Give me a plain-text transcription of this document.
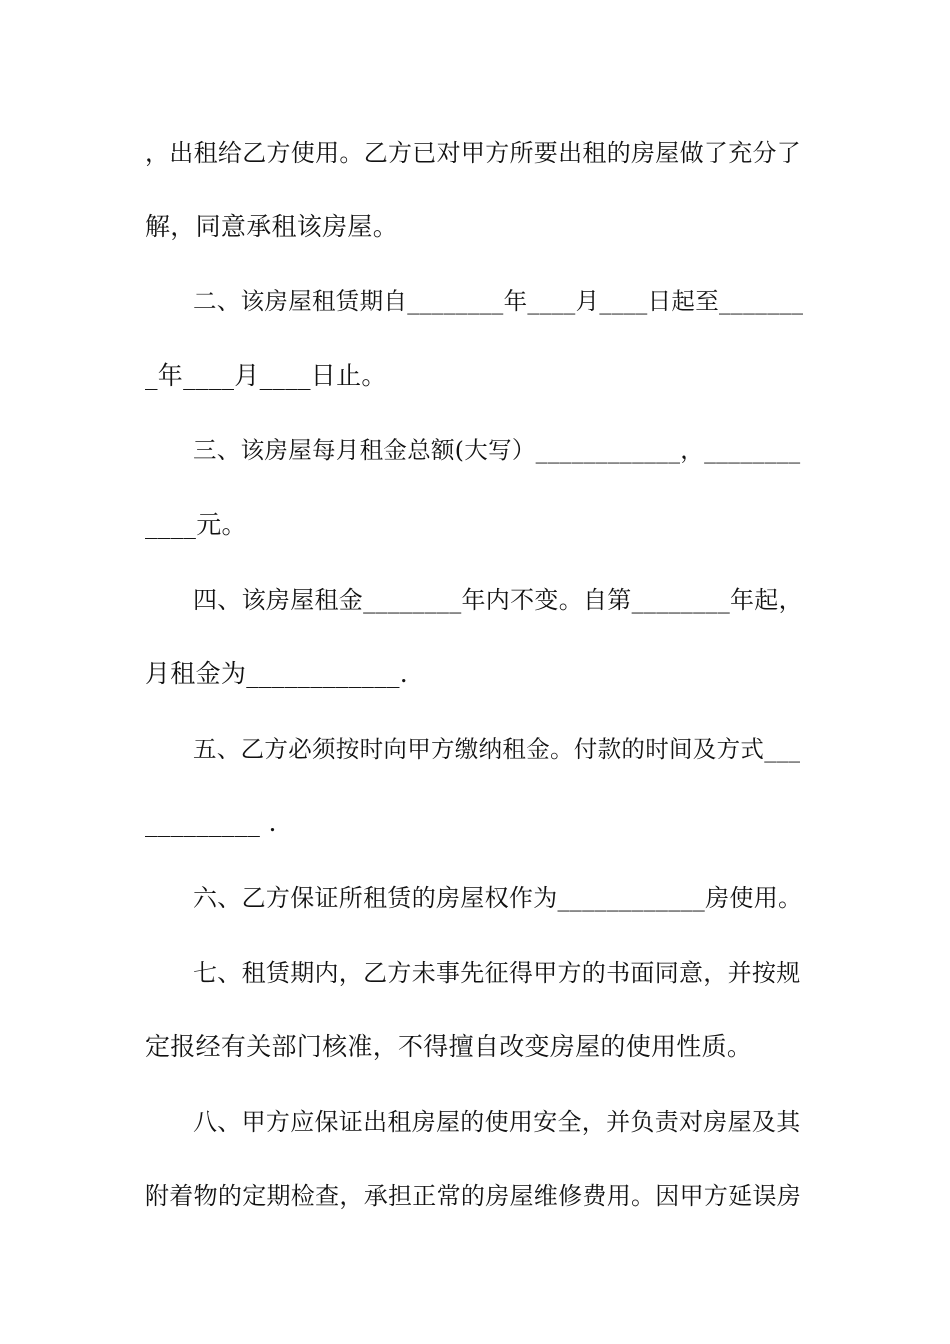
，出租给乙方使用。乙方已对甲方所要出租的房屋做了充分了
解，同意承租该房屋。
二、该房屋租赁期自________年____月____日起至_______
_年____月____日止。
三、该房屋每月租金总额(大写）____________，________
____元。
四、该房屋租金________年内不变。自第________年起，
月租金为____________.
五、乙方必须按时向甲方缴纳租金。付款的时间及方式___
_________ .
六、乙方保证所租赁的房屋权作为____________房使用。
七、租赁期内，乙方未事先征得甲方的书面同意，并按规
定报经有关部门核准，不得擅自改变房屋的使用性质。
八、甲方应保证出租房屋的使用安全，并负责对房屋及其
附着物的定期检查，承担正常的房屋维修费用。因甲方延误房
